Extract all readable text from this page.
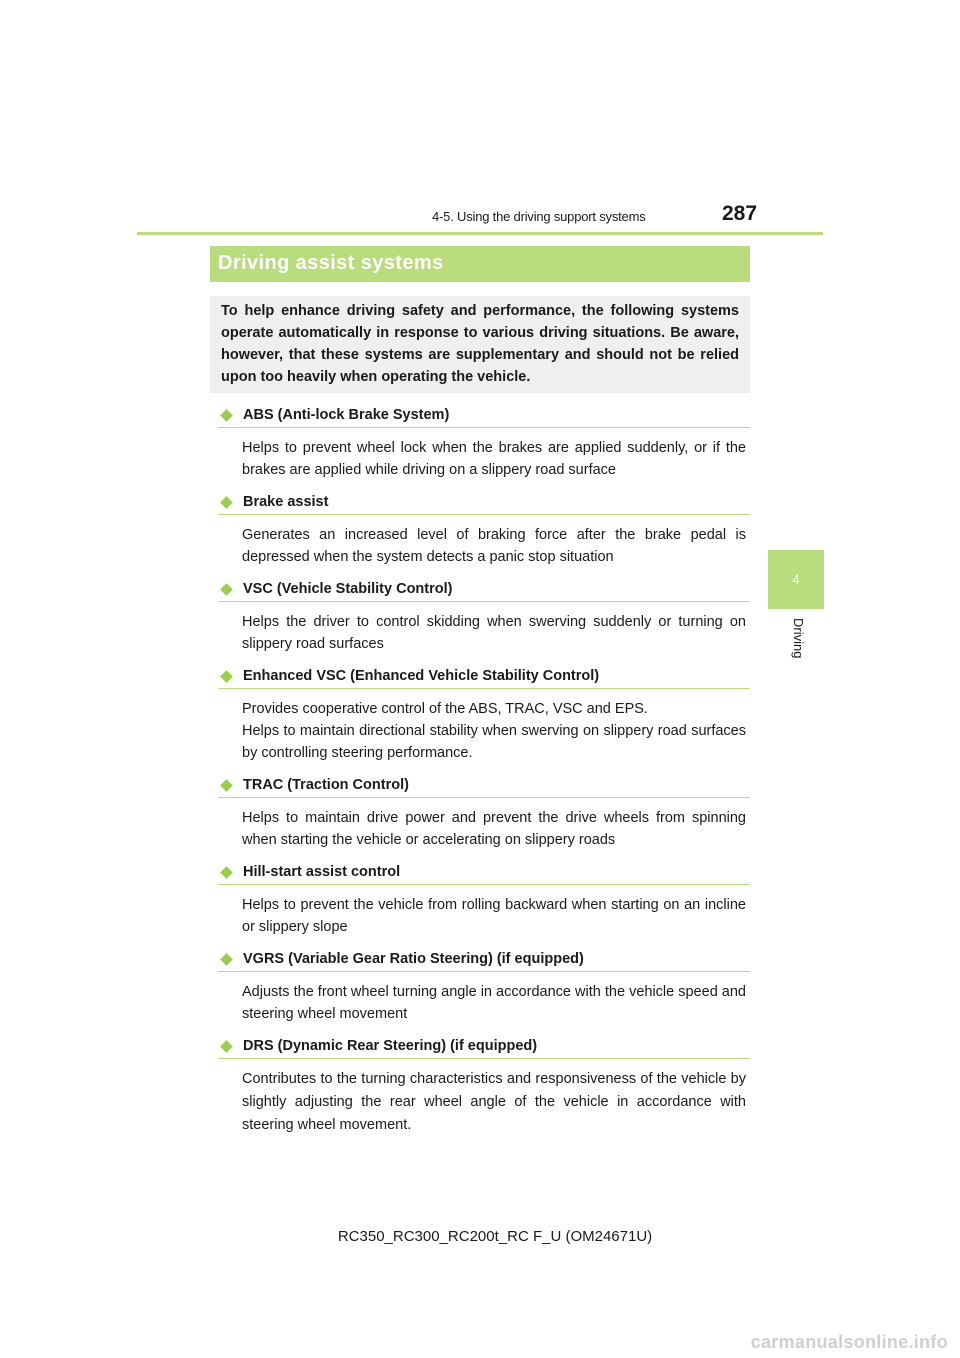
4-5. Using the driving support systems	287
4
Driving
Driving assist systems
To help enhance driving safety and performance, the following systems operate automatically in response to various driving situations. Be aware, however, that these systems are supplementary and should not be relied upon too heavily when operating the vehicle.
ABS (Anti-lock Brake System)
Helps to prevent wheel lock when the brakes are applied suddenly, or if the brakes are applied while driving on a slippery road surface
Brake assist
Generates an increased level of braking force after the brake pedal is depressed when the system detects a panic stop situation
VSC (Vehicle Stability Control)
Helps the driver to control skidding when swerving suddenly or turning on slippery road surfaces
Enhanced VSC (Enhanced Vehicle Stability Control)
Provides cooperative control of the ABS, TRAC, VSC and EPS.
Helps to maintain directional stability when swerving on slippery road surfaces by controlling steering performance.
TRAC (Traction Control)
Helps to maintain drive power and prevent the drive wheels from spinning when starting the vehicle or accelerating on slippery roads
Hill-start assist control
Helps to prevent the vehicle from rolling backward when starting on an incline or slippery slope
VGRS (Variable Gear Ratio Steering) (if equipped)
Adjusts the front wheel turning angle in accordance with the vehicle speed and steering wheel movement
DRS (Dynamic Rear Steering) (if equipped)
Contributes to the turning characteristics and responsiveness of the vehicle by slightly adjusting the rear wheel angle of the vehicle in accordance with steering wheel movement.
RC350_RC300_RC200t_RC F_U (OM24671U)
carmanualsonline.info
